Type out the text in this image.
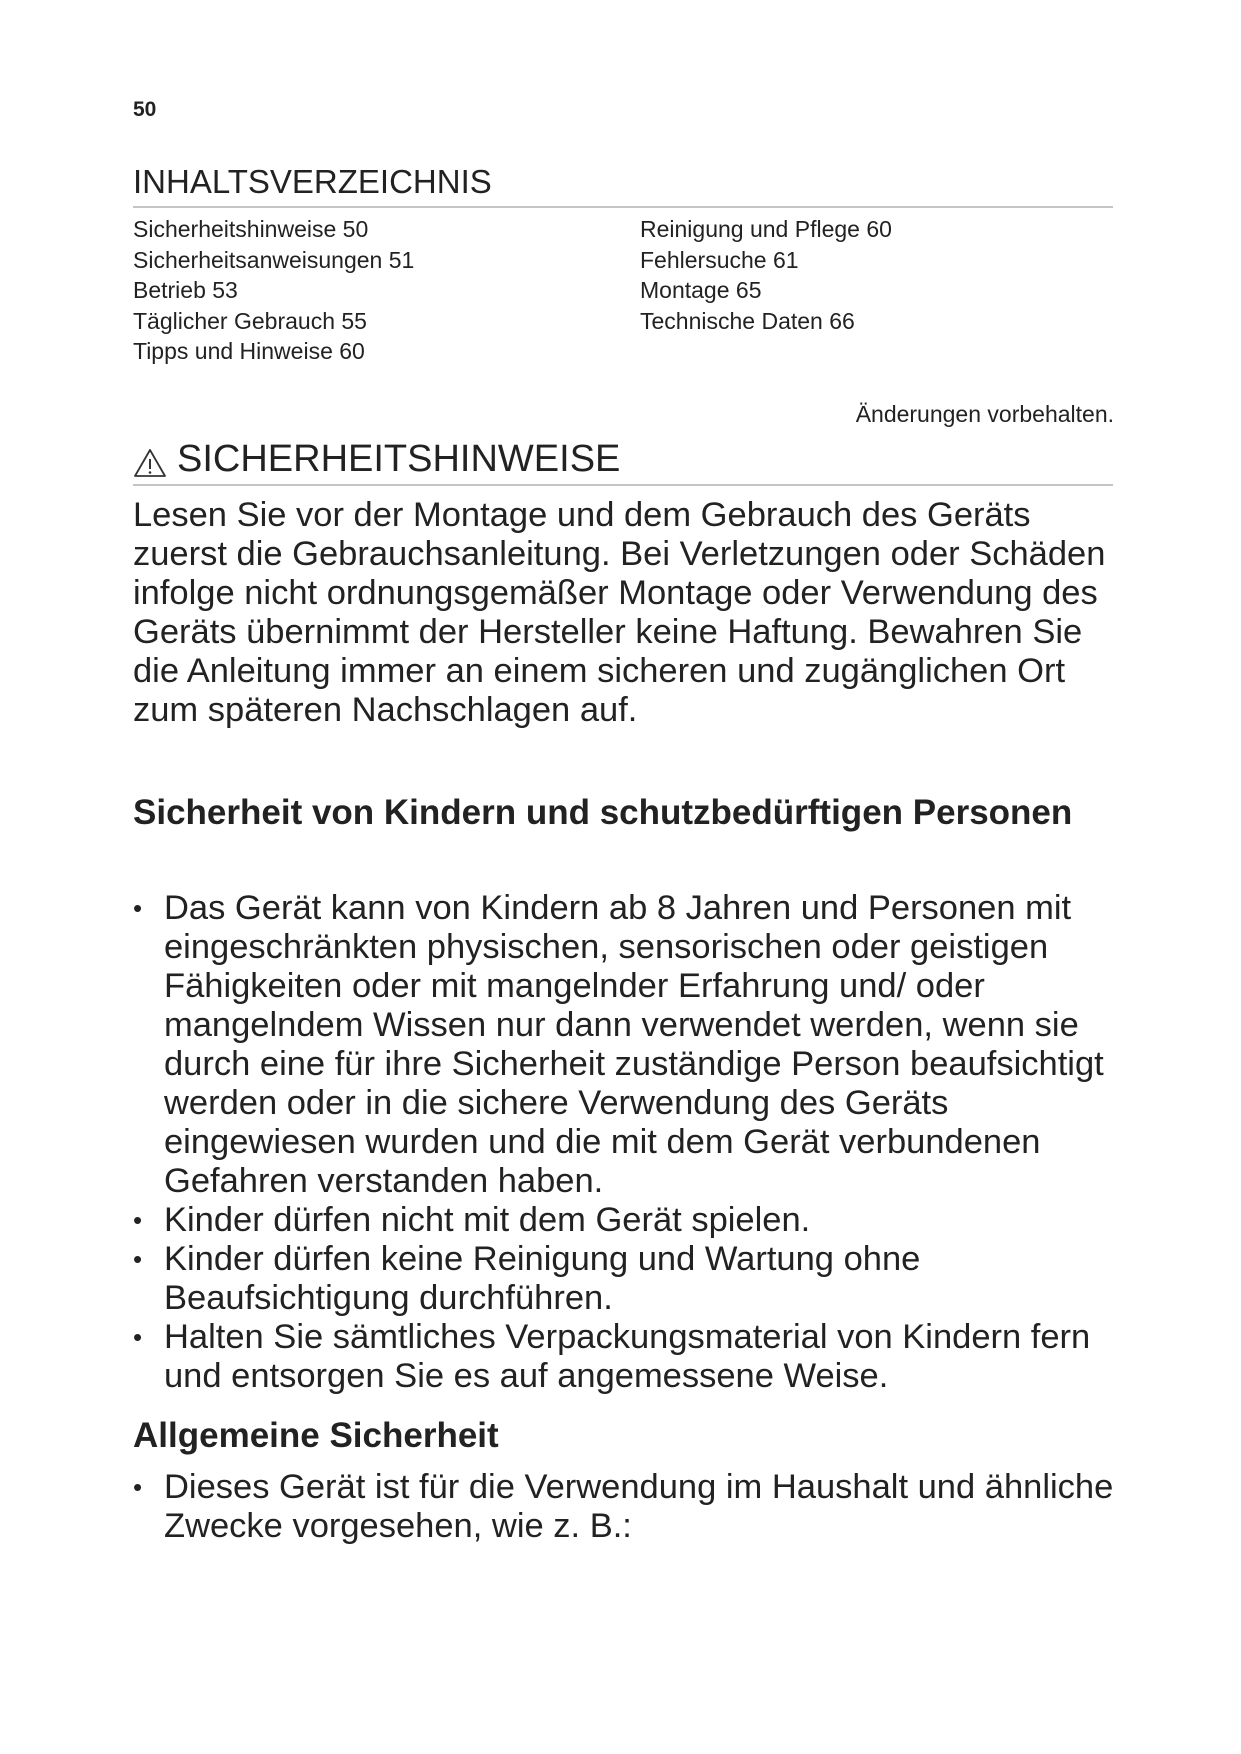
50
INHALTSVERZEICHNIS
Sicherheitshinweise 50
Sicherheitsanweisungen 51
Betrieb 53
Täglicher Gebrauch 55
Tipps und Hinweise 60
Reinigung und Pflege 60
Fehlersuche 61
Montage 65
Technische Daten 66
Änderungen vorbehalten.
SICHERHEITSHINWEISE

Lesen Sie vor der Montage und dem Gebrauch des Geräts zuerst die Gebrauchsanleitung. Bei Verletzungen oder Schäden infolge nicht ordnungsgemäßer Montage oder Verwendung des Geräts übernimmt der Hersteller keine Haftung. Bewahren Sie die Anleitung immer an einem sicheren und zugänglichen Ort zum späteren Nachschlagen auf.

Sicherheit von Kindern und schutzbedürftigen Personen
• Das Gerät kann von Kindern ab 8 Jahren und Personen mit eingeschränkten physischen, sensorischen oder geistigen Fähigkeiten oder mit mangelnder Erfahrung und/ oder mangelndem Wissen nur dann verwendet werden, wenn sie durch eine für ihre Sicherheit zuständige Person beaufsichtigt werden oder in die sichere Verwendung des Geräts eingewiesen wurden und die mit dem Gerät verbundenen Gefahren verstanden haben.
• Kinder dürfen nicht mit dem Gerät spielen.
• Kinder dürfen keine Reinigung und Wartung ohne Beaufsichtigung durchführen.
• Halten Sie sämtliches Verpackungsmaterial von Kindern fern und entsorgen Sie es auf angemessene Weise.
Allgemeine Sicherheit
• Dieses Gerät ist für die Verwendung im Haushalt und ähnliche Zwecke vorgesehen, wie z. B.:
